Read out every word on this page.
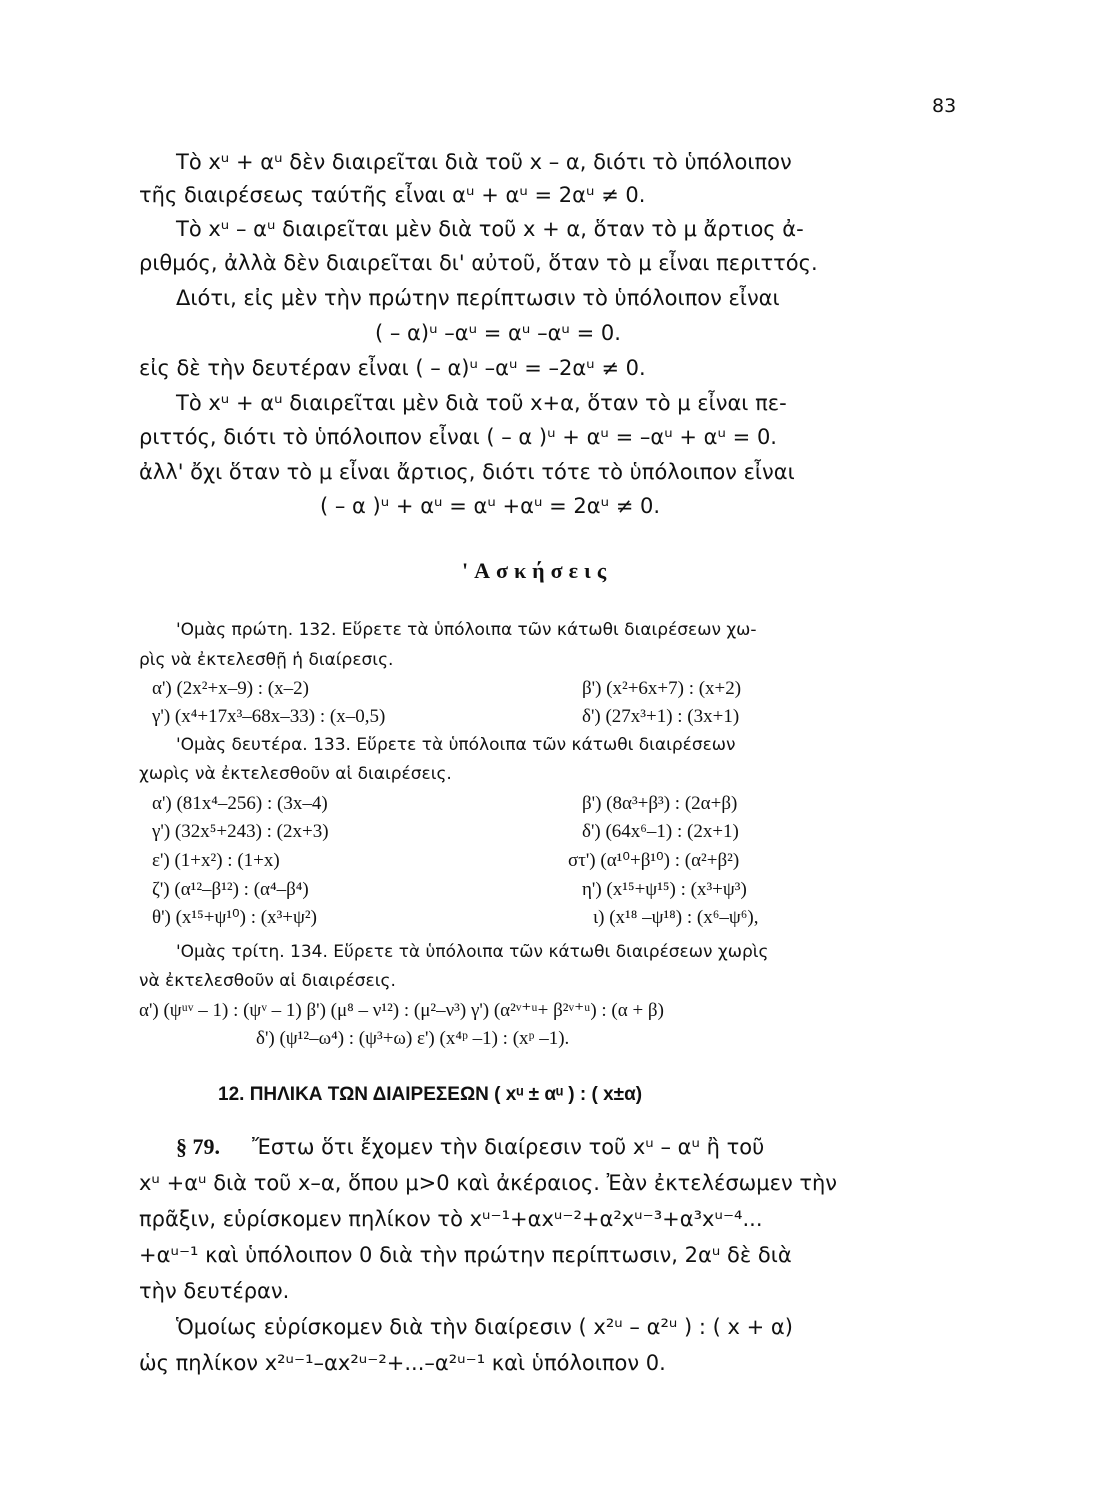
83
Τὸ xᵘ + αᵘ δὲν διαιρεῖται διὰ τοῦ x – α, διότι τὸ ὑπόλοιπον
τῆς διαιρέσεως ταύτῆς εἶναι αᵘ + αᵘ = 2αᵘ ≠ 0.
Τὸ xᵘ – αᵘ διαιρεῖται μὲν διὰ τοῦ x + α, ὅταν τὸ μ ἄρτιος ἀ-
ριθμός, ἀλλὰ δὲν διαιρεῖται δι' αὐτοῦ, ὅταν τὸ μ εἶναι περιττός.
Διότι, εἰς μὲν τὴν πρώτην περίπτωσιν τὸ ὑπόλοιπον εἶναι
( – α)ᵘ –αᵘ = αᵘ –αᵘ = 0.
εἰς δὲ τὴν δευτέραν εἶναι ( – α)ᵘ –αᵘ = –2αᵘ ≠ 0.
Τὸ xᵘ + αᵘ διαιρεῖται μὲν διὰ τοῦ x+α, ὅταν τὸ μ εἶναι πε-
ριττός, διότι τὸ ὑπόλοιπον εἶναι ( – α )ᵘ + αᵘ = –αᵘ + αᵘ = 0.
ἀλλ' ὄχι ὅταν τὸ μ εἶναι ἄρτιος, διότι τότε τὸ ὑπόλοιπον εἶναι
( – α )ᵘ + αᵘ = αᵘ +αᵘ = 2αᵘ ≠ 0.
'Ασκήσεις
'Ομὰς πρώτη. 132. Εὕρετε τὰ ὑπόλοιπα τῶν κάτωθι διαιρέσεων χω-
ρὶς νὰ ἐκτελεσθῇ ἡ διαίρεσις.
α') (2x²+x–9) : (x–2)
γ') (x⁴+17x³–68x–33) : (x–0,5)
β') (x²+6x+7) : (x+2)
δ') (27x³+1) : (3x+1)
'Ομὰς δευτέρα. 133. Εὕρετε τὰ ὑπόλοιπα τῶν κάτωθι διαιρέσεων
χωρὶς νὰ ἐκτελεσθοῦν αἱ διαιρέσεις.
α') (81x⁴–256) : (3x–4)
γ') (32x⁵+243) : (2x+3)
ε') (1+x²) : (1+x)
ζ') (α¹²–β¹²) : (α⁴–β⁴)
θ') (x¹⁵+ψ¹⁰) : (x³+ψ²)
β') (8α³+β³) : (2α+β)
δ') (64x⁶–1) : (2x+1)
στ') (α¹⁰+β¹⁰) : (α²+β²)
η') (x¹⁵+ψ¹⁵) : (x³+ψ³)
ι) (x¹⁸ –ψ¹⁸) : (x⁶–ψ⁶),
'Ομὰς τρίτη. 134. Εὕρετε τὰ ὑπόλοιπα τῶν κάτωθι διαιρέσεων χωρὶς
νὰ ἐκτελεσθοῦν αἱ διαιρέσεις.
α') (ψᵘᵛ – 1) : (ψᵛ – 1) β') (μ⁸ – ν¹²) : (μ²–ν³) γ') (α²ᵛ⁺ᵘ+ β²ᵛ⁺ᵘ) : (α + β)
δ') (ψ¹²–ω⁴) : (ψ³+ω) ε') (x⁴ᵖ –1) : (xᵖ –1).
12. ΠΗΛΙΚΑ ΤΩΝ ΔΙΑΙΡΕΣΕΩΝ ( xᵘ ± αᵘ ) : ( x±α)
§ 79. Ἔστω ὅτι ἔχομεν τὴν διαίρεσιν τοῦ xᵘ – αᵘ ἢ τοῦ
xᵘ +αᵘ διὰ τοῦ x–α, ὅπου μ>0 καὶ ἀκέραιος. Ἐὰν ἐκτελέσωμεν τὴν
πρᾶξιν, εὑρίσκομεν πηλίκον τὸ xᵘ⁻¹+αxᵘ⁻²+α²xᵘ⁻³+α³xᵘ⁻⁴...
+αᵘ⁻¹ καὶ ὑπόλοιπον 0 διὰ τὴν πρώτην περίπτωσιν, 2αᵘ δὲ διὰ
τὴν δευτέραν.
Ὁμοίως εὑρίσκομεν διὰ τὴν διαίρεσιν ( x²ᵘ – α²ᵘ ) : ( x + α)
ὡς πηλίκον x²ᵘ⁻¹–αx²ᵘ⁻²+...–α²ᵘ⁻¹ καὶ ὑπόλοιπον 0.
